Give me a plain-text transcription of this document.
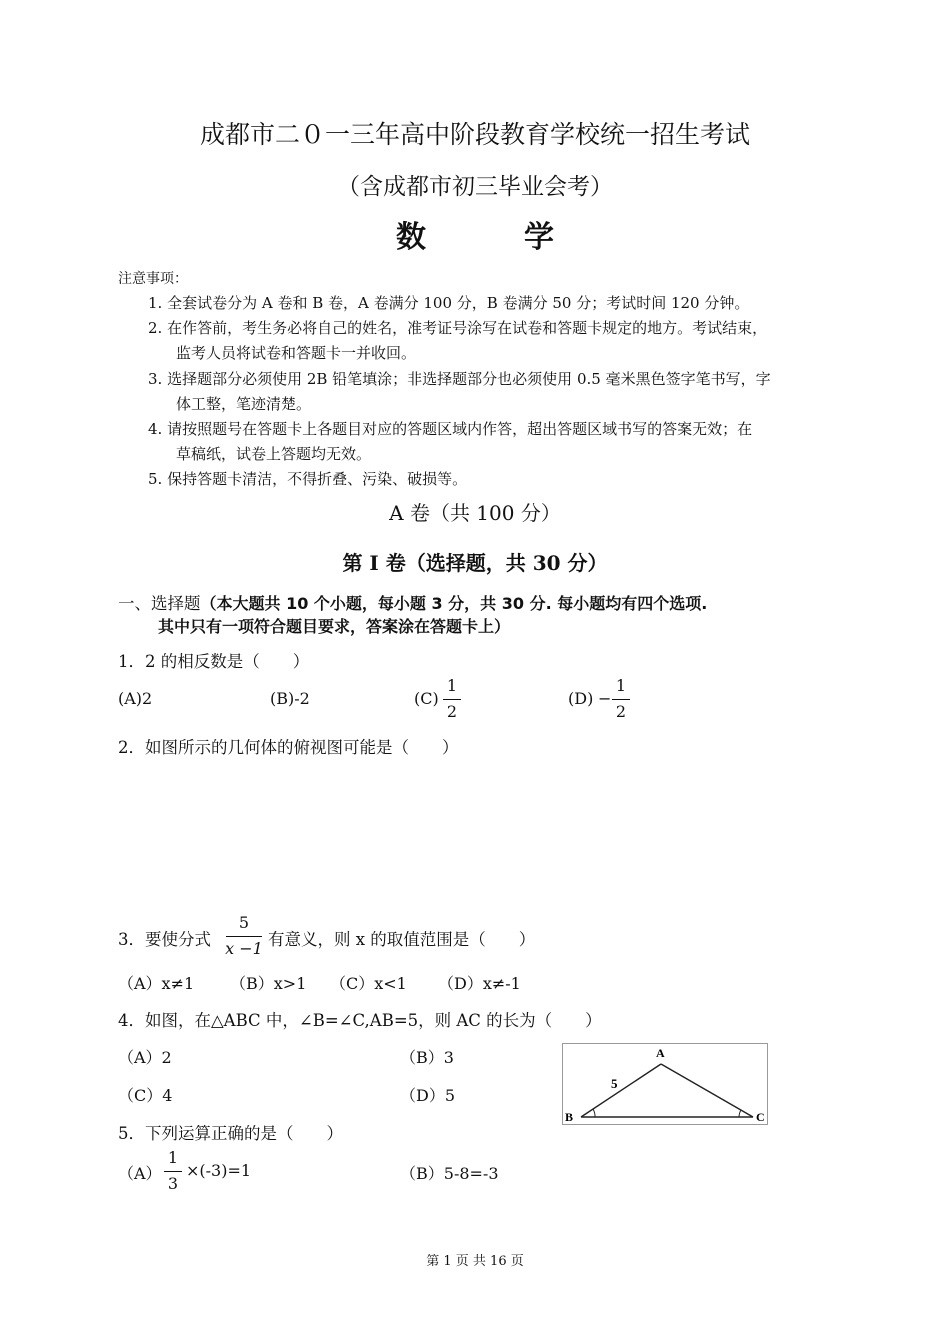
成都市二０一三年高中阶段教育学校统一招生考试
（含成都市初三毕业会考）
数　学
注意事项：
1. 全套试卷分为 A 卷和 B 卷，A 卷满分 100 分，B 卷满分 50 分；考试时间 120 分钟。
2. 在作答前，考生务必将自己的姓名，准考证号涂写在试卷和答题卡规定的地方。考试结束，
监考人员将试卷和答题卡一并收回。
3. 选择题部分必须使用 2B 铅笔填涂；非选择题部分也必须使用 0.5 毫米黑色签字笔书写，字
体工整，笔迹清楚。
4. 请按照题号在答题卡上各题目对应的答题区域内作答，超出答题区域书写的答案无效；在
草稿纸，试卷上答题均无效。
5. 保持答题卡清洁，不得折叠、污染、破损等。
A 卷（共 100 分）
第 I 卷（选择题，共 30 分）
一、选择题（本大题共 10 个小题，每小题 3 分，共 30 分. 每小题均有四个选项.
其中只有一项符合题目要求，答案涂在答题卡上）
1．2 的相反数是（　　）
(A)2	(B)-2	(C)
1
2
(D) −
1
2
2．如图所示的几何体的俯视图可能是（　　）
3．要使分式
5
x −1 有意义，则 x 的取值范围是（　　）
（A）x≠1 （B）x>1 （C）x<1 （D）x≠-1
4．如图，在△ABC 中，∠B=∠C,AB=5，则 AC 的长为（　　）
（A）2	（B）3
（C）4	（D）5
A
B	C
5
5．下列运算正确的是（　　）
（A）
1
3
×(-3)=1	（B）5-8=-3
第 1 页 共 16 页
